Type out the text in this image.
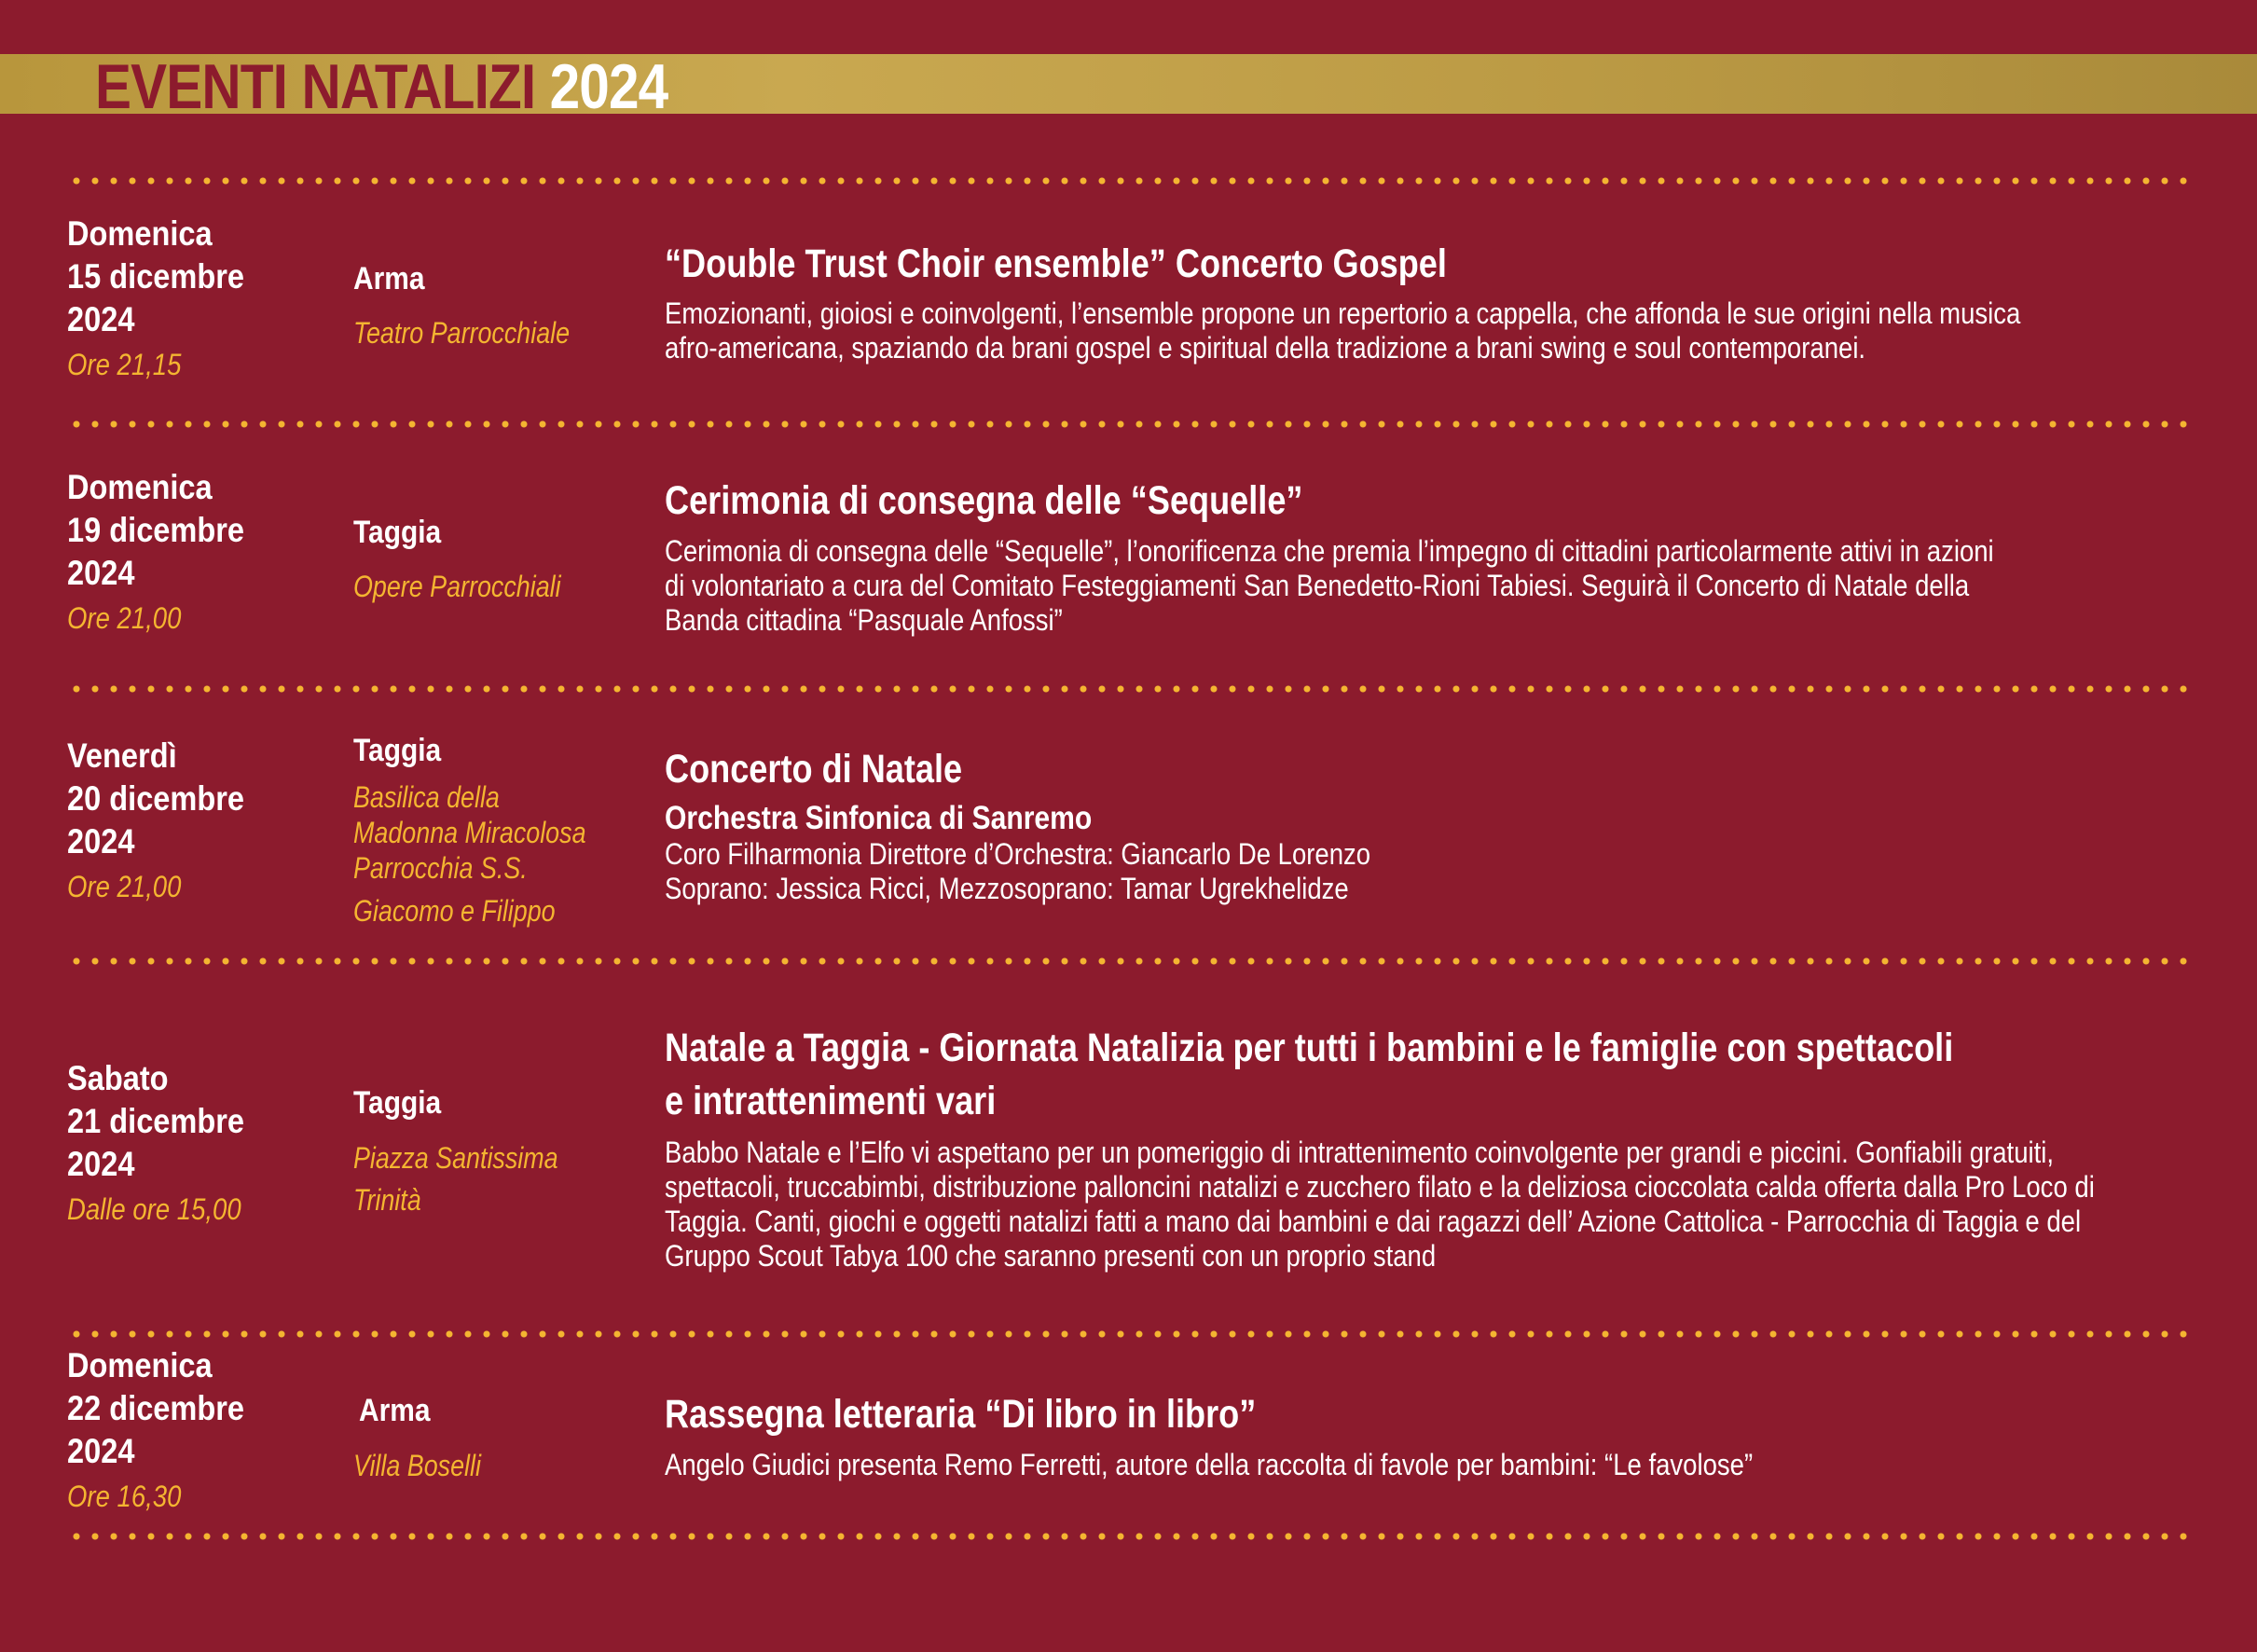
EVENTI NATALIZI 2024
Domenica
15 dicembre
2024
Ore 21,15
Arma
Teatro Parrocchiale
“Double Trust Choir ensemble” Concerto Gospel
Emozionanti, gioiosi e coinvolgenti, l’ensemble propone un repertorio a cappella, che affonda le sue origini nella musica
afro-americana, spaziando da brani gospel e spiritual della tradizione a brani swing e soul contemporanei.
Domenica
19 dicembre
2024
Ore 21,00
Taggia
Opere Parrocchiali
Cerimonia di consegna delle “Sequelle”
Cerimonia di consegna delle “Sequelle”, l’onorificenza che premia l’impegno di cittadini particolarmente attivi in azioni
di volontariato a cura del Comitato Festeggiamenti San Benedetto-Rioni Tabiesi. Seguirà il Concerto di Natale della
Banda cittadina “Pasquale Anfossi”
Venerdì
20 dicembre
2024
Ore 21,00
Taggia
Basilica della
Madonna Miracolosa
Parrocchia S.S.
Giacomo e Filippo
Concerto di Natale
Orchestra Sinfonica di Sanremo
Coro Filharmonia Direttore d’Orchestra: Giancarlo De Lorenzo
Soprano: Jessica Ricci, Mezzosoprano: Tamar Ugrekhelidze
Sabato
21 dicembre
2024
Dalle ore 15,00
Taggia
Piazza Santissima
Trinità
Natale a Taggia - Giornata Natalizia per tutti i bambini e le famiglie con spettacoli
e intrattenimenti vari
Babbo Natale e l’Elfo vi aspettano per un pomeriggio di intrattenimento coinvolgente per grandi e piccini. Gonfiabili gratuiti,
spettacoli, truccabimbi, distribuzione palloncini natalizi e zucchero filato e la deliziosa cioccolata calda offerta dalla Pro Loco di
Taggia. Canti, giochi e oggetti natalizi fatti a mano dai bambini e dai ragazzi dell’ Azione Cattolica - Parrocchia di Taggia e del
Gruppo Scout Tabya 100 che saranno presenti con un proprio stand
Domenica
22 dicembre
2024
Ore 16,30
Arma
Villa Boselli
Rassegna letteraria “Di libro in libro”
Angelo Giudici presenta Remo Ferretti, autore della raccolta di favole per bambini: “Le favolose”
